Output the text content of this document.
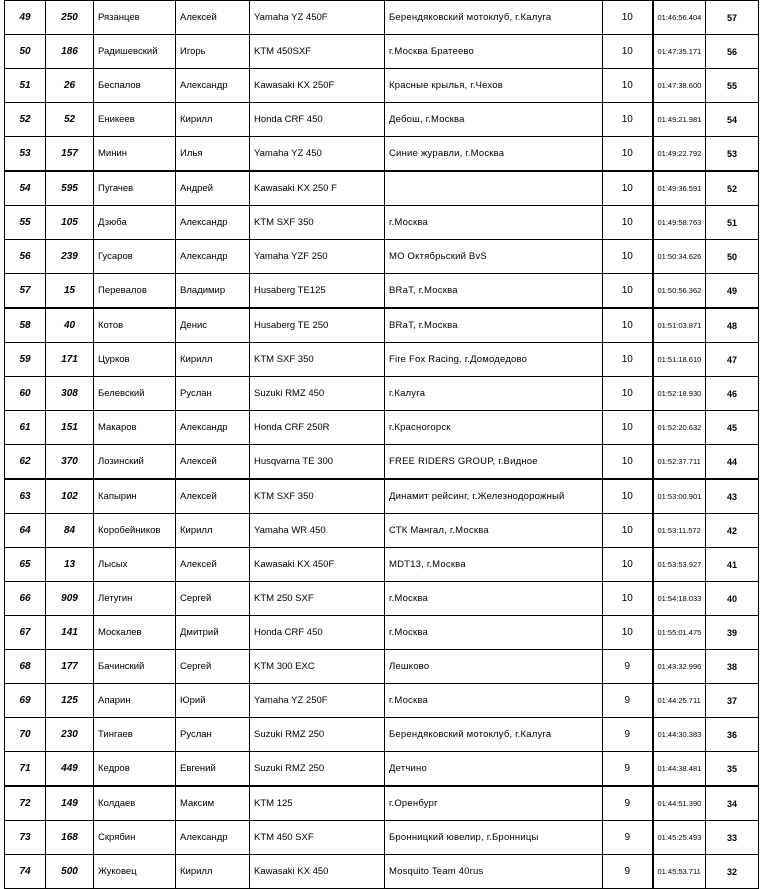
49	250	Рязанцев	Алексей	Yamaha YZ 450F	Берендяковский мотоклуб, г.Калуга	10	01:46:56.404	57
50	186	Радишевский	Игорь	KTM 450SXF	г.Москва Братеево	10	01:47:35.171	56
51	26	Беспалов	Александр	Kawasaki KX 250F	Красные крылья, г.Чехов	10	01:47:38.600	55
52	52	Еникеев	Кирилл	Honda CRF 450	Дебош, г.Москва	10	01:49:21.981	54
53	157	Минин	Илья	Yamaha YZ 450	Синие журавли, г.Москва	10	01:49:22.792	53
54	595	Пугачев	Андрей	Kawasaki KX 250 F		10	01:49:36.591	52
55	105	Дзюба	Александр	KTM SXF 350	г.Москва	10	01:49:58.763	51
56	239	Гусаров	Александр	Yamaha YZF 250	МО Октябрьский BvS	10	01:50:34.626	50
57	15	Перевалов	Владимир	Husaberg TE125	BRaT, г.Москва	10	01:50:56.362	49
58	40	Котов	Денис	Husaberg TE 250	BRaT, г.Москва	10	01:51:03.871	48
59	171	Цурков	Кирилл	KTM SXF 350	Fire Fox Racing, г.Домодедово	10	01:51:18.610	47
60	308	Белевский	Руслан	Suzuki RMZ 450	г.Калуга	10	01:52:18.930	46
61	151	Макаров	Александр	Honda CRF 250R	г.Красногорск	10	01:52:20.632	45
62	370	Лозинский	Алексей	Husqvarna TE 300	FREE RIDERS GROUP, г.Видное	10	01:52:37.711	44
63	102	Капырин	Алексей	KTM SXF 350	Динамит рейсинг, г.Железнодорожный	10	01:53:00.901	43
64	84	Коробейников	Кирилл	Yamaha WR 450	СТК Мангал, г.Москва	10	01:53:11.572	42
65	13	Лысых	Алексей	Kawasaki KX 450F	MDT13, г.Москва	10	01:53:53.927	41
66	909	Летугин	Сергей	KTM 250 SXF	г.Москва	10	01:54:18.033	40
67	141	Москалев	Дмитрий	Honda CRF 450	г.Москва	10	01:55:01.475	39
68	177	Бачинский	Сергей	KTM 300 EXC	Лешково	9	01:43:32.996	38
69	125	Апарин	Юрий	Yamaha YZ 250F	г.Москва	9	01:44:25.711	37
70	230	Тингаев	Руслан	Suzuki RMZ 250	Берендяковский мотоклуб, г.Калуга	9	01:44:30.383	36
71	449	Кедров	Евгений	Suzuki RMZ 250	Детчино	9	01:44:38.481	35
72	149	Колдаев	Максим	KTM 125	г.Оренбург	9	01:44:51.390	34
73	168	Скрябин	Александр	KTM 450 SXF	Бронницкий ювелир, г.Бронницы	9	01:45:25.493	33
74	500	Жуковец	Кирилл	Kawasaki KX 450	Mosquito Team 40rus	9	01:45:53.711	32
